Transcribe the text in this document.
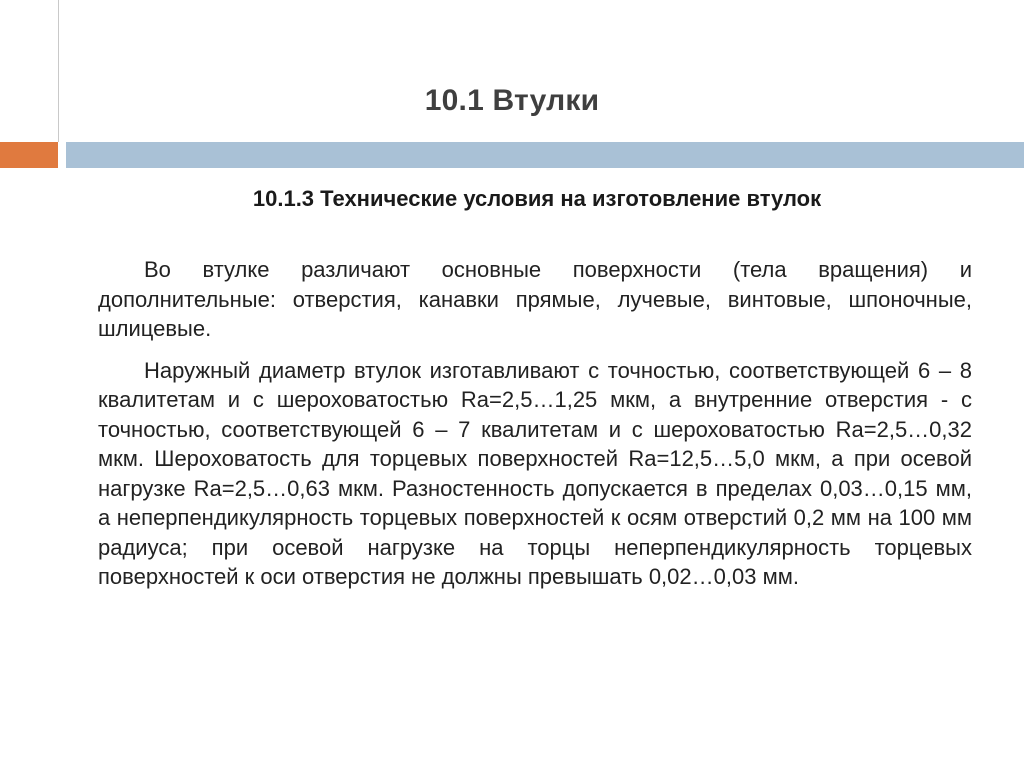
10.1 Втулки
10.1.3 Технические условия на изготовление втулок

Во втулке различают основные поверхности (тела вращения) и дополнительные: отверстия, канавки прямые, лучевые, винтовые, шпоночные, шлицевые.

Наружный диаметр втулок изготавливают с точностью, соответствующей 6 – 8 квалитетам и с шероховатостью Ra=2,5…1,25 мкм, а внутренние отверстия - с точностью, соответствующей 6 – 7 квалитетам и с шероховатостью Ra=2,5…0,32 мкм. Шероховатость для торцевых поверхностей Ra=12,5…5,0 мкм, а при осевой нагрузке Ra=2,5…0,63 мкм. Разностенность допускается в пределах 0,03…0,15 мм, а неперпендикулярность торцевых поверхностей к осям отверстий 0,2 мм на 100 мм радиуса; при осевой нагрузке на торцы неперпендикулярность торцевых поверхностей к оси отверстия не должны превышать 0,02…0,03 мм.
